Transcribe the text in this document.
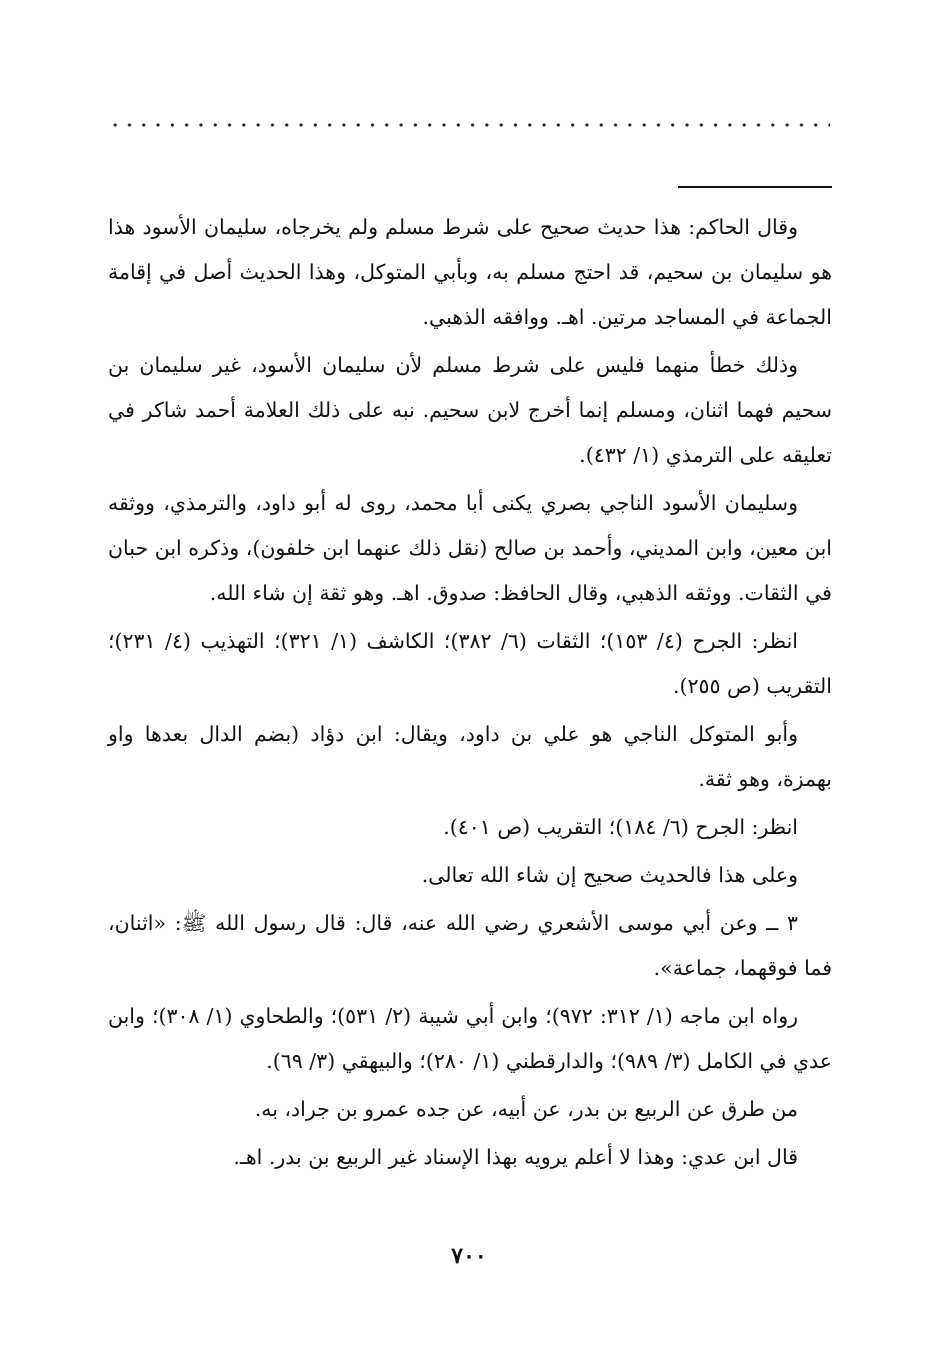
وقال الحاكم: هذا حديث صحيح على شرط مسلم ولم يخرجاه، سليمان الأسود هذا هو سليمان بن سحيم، قد احتج مسلم به، وبأبي المتوكل، وهذا الحديث أصل في إقامة الجماعة في المساجد مرتين. اهـ. ووافقه الذهبي.

وذلك خطأ منهما فليس على شرط مسلم لأن سليمان الأسود، غير سليمان بن سحيم فهما اثنان، ومسلم إنما أخرج لابن سحيم. نبه على ذلك العلامة أحمد شاكر في تعليقه على الترمذي (١/ ٤٣٢).

وسليمان الأسود الناجي بصري يكنى أبا محمد، روى له أبو داود، والترمذي، ووثقه ابن معين، وابن المديني، وأحمد بن صالح (نقل ذلك عنهما ابن خلفون)، وذكره ابن حبان في الثقات. ووثقه الذهبي، وقال الحافظ: صدوق. اهـ. وهو ثقة إن شاء الله.

انظر: الجرح (٤/ ١٥٣)؛ الثقات (٦/ ٣٨٢)؛ الكاشف (١/ ٣٢١)؛ التهذيب (٤/ ٢٣١)؛ التقريب (ص ٢٥٥).

وأبو المتوكل الناجي هو علي بن داود، ويقال: ابن دؤاد (بضم الدال بعدها واو بهمزة، وهو ثقة.

انظر: الجرح (٦/ ١٨٤)؛ التقريب (ص ٤٠١).

وعلى هذا فالحديث صحيح إن شاء الله تعالى.

٣ ــ وعن أبي موسى الأشعري رضي الله عنه، قال: قال رسول الله ﷺ: «اثنان، فما فوقهما، جماعة».

رواه ابن ماجه (١/ ٣١٢: ٩٧٢)؛ وابن أبي شيبة (٢/ ٥٣١)؛ والطحاوي (١/ ٣٠٨)؛ وابن عدي في الكامل (٣/ ٩٨٩)؛ والدارقطني (١/ ٢٨٠)؛ والبيهقي (٣/ ٦٩).

من طرق عن الربيع بن بدر، عن أبيه، عن جده عمرو بن جراد، به.

قال ابن عدي: وهذا لا أعلم يرويه بهذا الإسناد غير الربيع بن بدر. اهـ.

٧٠٠
